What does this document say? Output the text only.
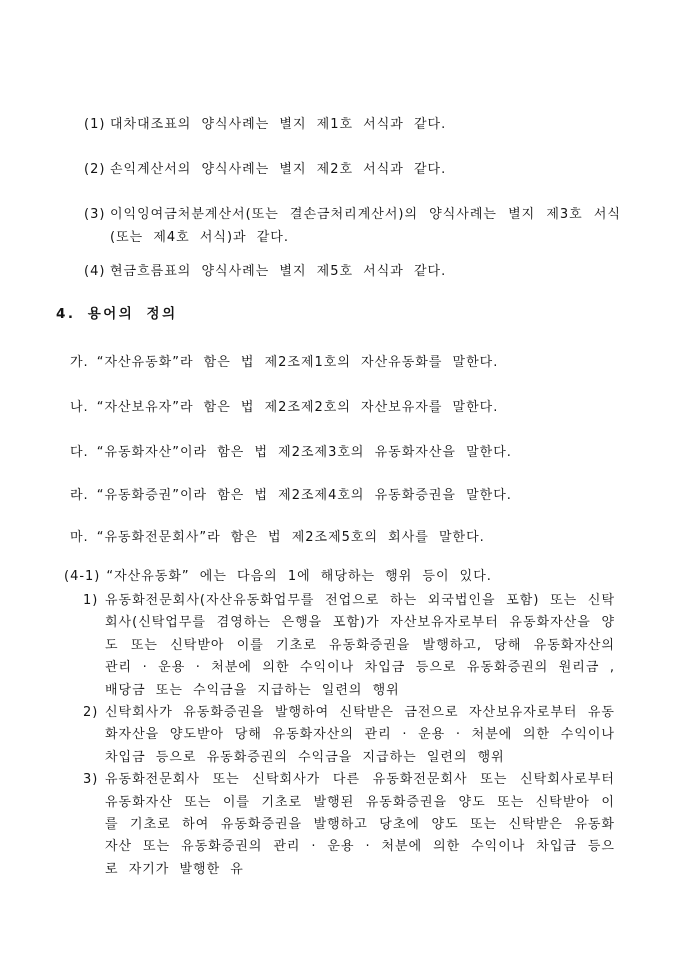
(1) 대차대조표의 양식사례는 별지 제1호 서식과 같다.
(2) 손익계산서의 양식사례는 별지 제2호 서식과 같다.
(3) 이익잉여금처분계산서(또는 결손금처리계산서)의 양식사례는 별지 제3호 서식(또는 제4호 서식)과 같다.
(4) 현금흐름표의 양식사례는 별지 제5호 서식과 같다.
4. 용어의 정의
가. “자산유동화”라 함은 법 제2조제1호의 자산유동화를 말한다.
나. “자산보유자”라 함은 법 제2조제2호의 자산보유자를 말한다.
다. “유동화자산”이라 함은 법 제2조제3호의 유동화자산을 말한다.
라. “유동화증권”이라 함은 법 제2조제4호의 유동화증권을 말한다.
마. “유동화전문회사”라 함은 법 제2조제5호의 회사를 말한다.
(4-1) “자산유동화” 에는 다음의 1에 해당하는 행위 등이 있다.
1) 유동화전문회사(자산유동화업무를 전업으로 하는 외국법인을 포함) 또는 신탁회사(신탁업무를 겸영하는 은행을 포함)가 자산보유자로부터 유동화자산을 양도 또는 신탁받아 이를 기초로 유동화증권을 발행하고, 당해 유동화자산의 관리 · 운용 · 처분에 의한 수익이나 차입금 등으로 유동화증권의 원리금 , 배당금 또는 수익금을 지급하는 일련의 행위
2) 신탁회사가 유동화증권을 발행하여 신탁받은 금전으로 자산보유자로부터 유동화자산을 양도받아 당해 유동화자산의 관리 · 운용 · 처분에 의한 수익이나 차입금 등으로 유동화증권의 수익금을 지급하는 일련의 행위
3) 유동화전문회사 또는 신탁회사가 다른 유동화전문회사 또는 신탁회사로부터 유동화자산 또는 이를 기초로 발행된 유동화증권을 양도 또는 신탁받아 이를 기초로 하여 유동화증권을 발행하고 당초에 양도 또는 신탁받은 유동화자산 또는 유동화증권의 관리 · 운용 · 처분에 의한 수익이나 차입금 등으로 자기가 발행한 유
